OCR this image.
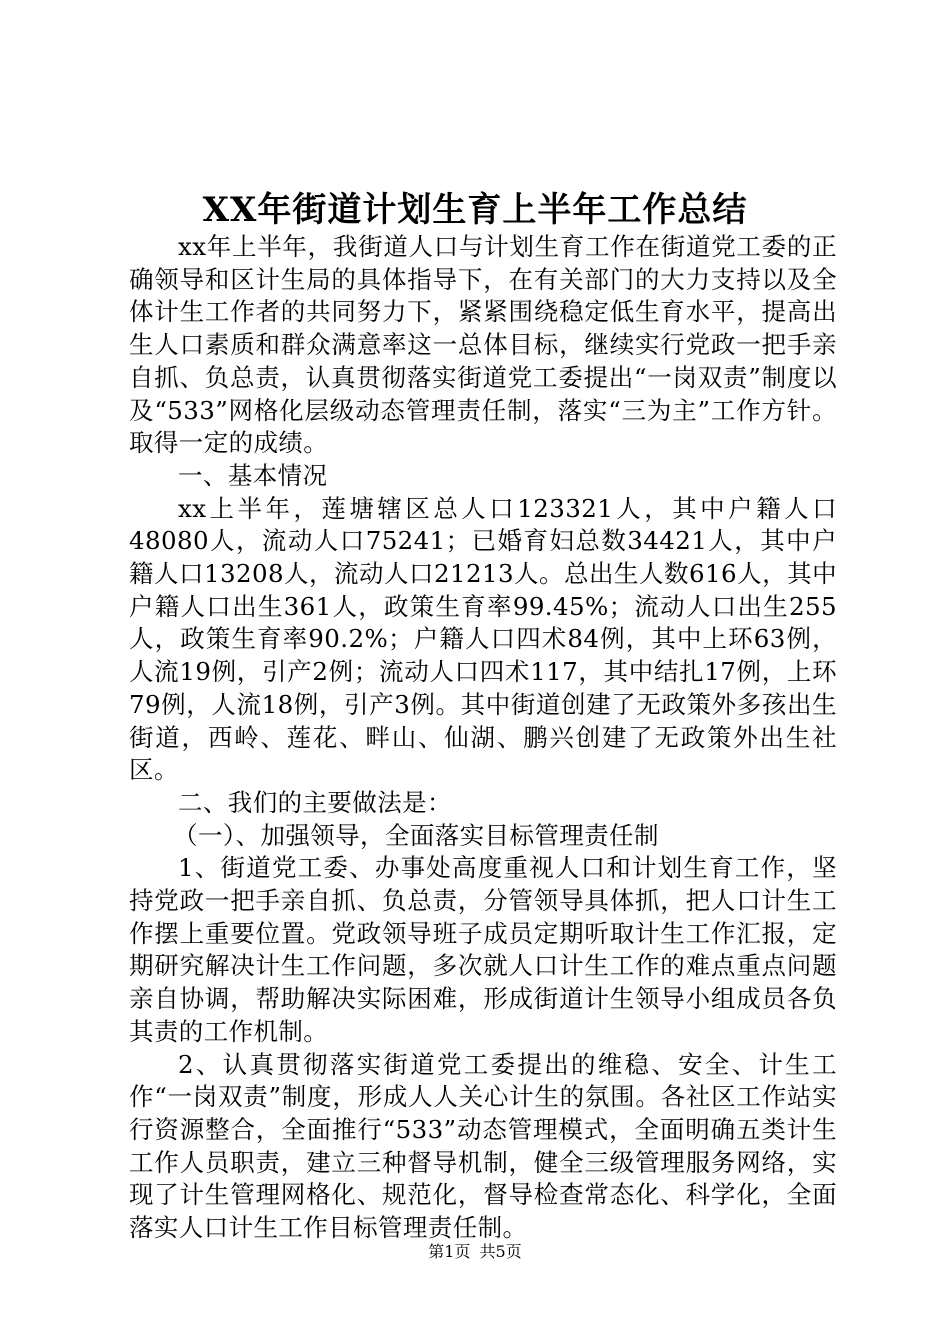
XX年街道计划生育上半年工作总结

xx年上半年，我街道人口与计划生育工作在街道党工委的正确领导和区计生局的具体指导下，在有关部门的大力支持以及全体计生工作者的共同努力下，紧紧围绕稳定低生育水平，提高出生人口素质和群众满意率这一总体目标，继续实行党政一把手亲自抓、负总责，认真贯彻落实街道党工委提出“一岗双责”制度以及“533”网格化层级动态管理责任制，落实“三为主”工作方针。取得一定的成绩。

一、基本情况

xx上半年，莲塘辖区总人口123321人，其中户籍人口48080人，流动人口75241；已婚育妇总数34421人，其中户籍人口13208人，流动人口21213人。总出生人数616人，其中户籍人口出生361人，政策生育率99.45%；流动人口出生255人，政策生育率90.2%；户籍人口四术84例，其中上环63例，人流19例，引产2例；流动人口四术117，其中结扎17例，上环79例，人流18例，引产3例。其中街道创建了无政策外多孩出生街道，西岭、莲花、畔山、仙湖、鹏兴创建了无政策外出生社区。

二、我们的主要做法是：

（一）、加强领导，全面落实目标管理责任制

1、街道党工委、办事处高度重视人口和计划生育工作，坚持党政一把手亲自抓、负总责，分管领导具体抓，把人口计生工作摆上重要位置。党政领导班子成员定期听取计生工作汇报，定期研究解决计生工作问题，多次就人口计生工作的难点重点问题亲自协调，帮助解决实际困难，形成街道计生领导小组成员各负其责的工作机制。

2、认真贯彻落实街道党工委提出的维稳、安全、计生工作“一岗双责”制度，形成人人关心计生的氛围。各社区工作站实行资源整合，全面推行“533”动态管理模式，全面明确五类计生工作人员职责，建立三种督导机制，健全三级管理服务网络，实现了计生管理网格化、规范化，督导检查常态化、科学化，全面落实人口计生工作目标管理责任制。

第1页 共5页
